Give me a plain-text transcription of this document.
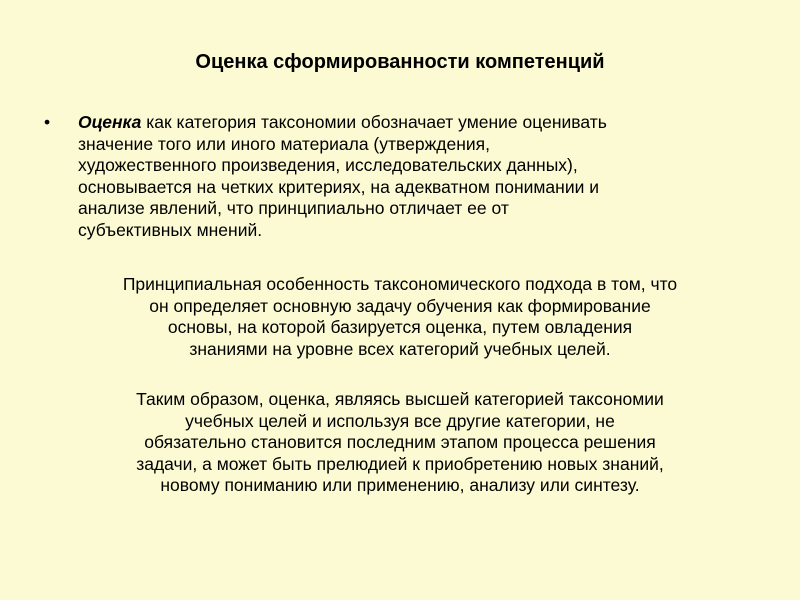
Оценка сформированности компетенций
• Оценка как категория таксономии обозначает умение оценивать
значение того или иного материала (утверждения,
художественного произведения, исследовательских данных),
основывается на четких критериях, на адекватном понимании и
анализе явлений, что принципиально отличает ее от
субъективных мнений.
Принципиальная особенность таксономического подхода в том, что
он определяет основную задачу обучения как формирование
основы, на которой базируется оценка, путем овладения
знаниями на уровне всех категорий учебных целей.
Таким образом, оценка, являясь высшей категорией таксономии
учебных целей и используя все другие категории, не
обязательно становится последним этапом процесса решения
задачи, а может быть прелюдией к приобретению новых знаний,
новому пониманию или применению, анализу или синтезу.
